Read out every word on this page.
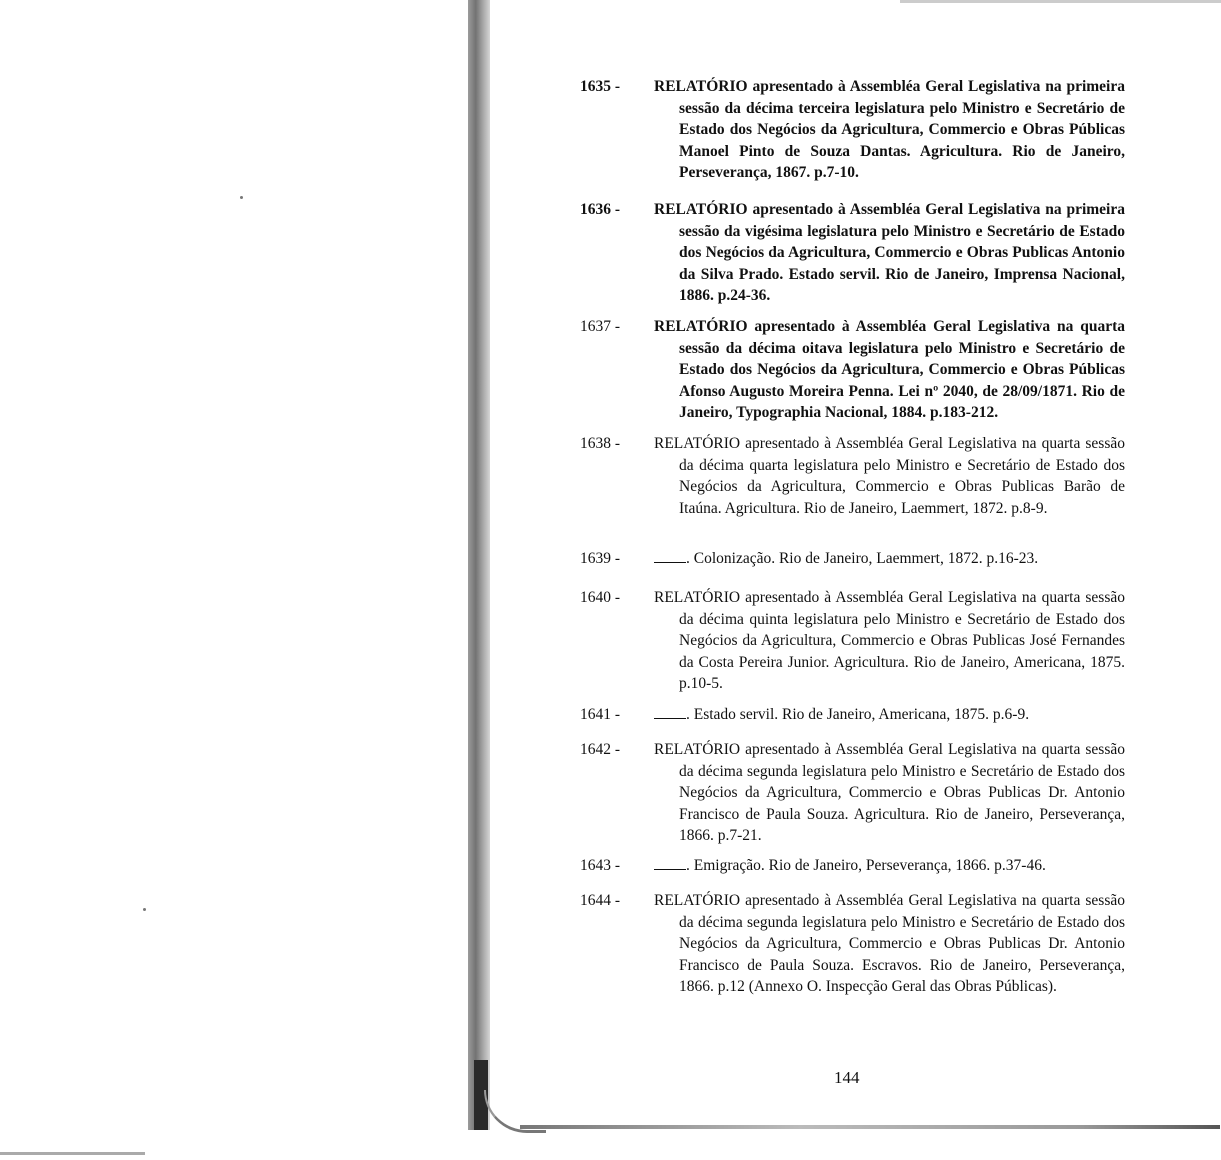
1635 - RELATÓRIO apresentado à Assembléa Geral Legislativa na primeira sessão da décima terceira legislatura pelo Ministro e Secretário de Estado dos Negócios da Agricultura, Commercio e Obras Públicas Manoel Pinto de Souza Dantas. Agricultura. Rio de Janeiro, Perseverança, 1867. p.7-10.
1636 - RELATÓRIO apresentado à Assembléa Geral Legislativa na primeira sessão da vigésima legislatura pelo Ministro e Secretário de Estado dos Negócios da Agricultura, Commercio e Obras Publicas Antonio da Silva Prado. Estado servil. Rio de Janeiro, Imprensa Nacional, 1886. p.24-36.
1637 - RELATÓRIO apresentado à Assembléa Geral Legislativa na quarta sessão da décima oitava legislatura pelo Ministro e Secretário de Estado dos Negócios da Agricultura, Commercio e Obras Públicas Afonso Augusto Moreira Penna. Lei nº 2040, de 28/09/1871. Rio de Janeiro, Typographia Nacional, 1884. p.183-212.
1638 - RELATÓRIO apresentado à Assembléa Geral Legislativa na quarta sessão da décima quarta legislatura pelo Ministro e Secretário de Estado dos Negócios da Agricultura, Commercio e Obras Publicas Barão de Itaúna. Agricultura. Rio de Janeiro, Laemmert, 1872. p.8-9.
1639 -	. Colonização. Rio de Janeiro, Laemmert, 1872. p.16-23.
1640 - RELATÓRIO apresentado à Assembléa Geral Legislativa na quarta sessão da décima quinta legislatura pelo Ministro e Secretário de Estado dos Negócios da Agricultura, Commercio e Obras Publicas José Fernandes da Costa Pereira Junior. Agricultura. Rio de Janeiro, Americana, 1875. p.10-5.
1641 -	. Estado servil. Rio de Janeiro, Americana, 1875. p.6-9.
1642 - RELATÓRIO apresentado à Assembléa Geral Legislativa na quarta sessão da décima segunda legislatura pelo Ministro e Secretário de Estado dos Negócios da Agricultura, Commercio e Obras Publicas Dr. Antonio Francisco de Paula Souza. Agricultura. Rio de Janeiro, Perseverança, 1866. p.7-21.
1643 -	. Emigração. Rio de Janeiro, Perseverança, 1866. p.37-46.
1644 - RELATÓRIO apresentado à Assembléa Geral Legislativa na quarta sessão da décima segunda legislatura pelo Ministro e Secretário de Estado dos Negócios da Agricultura, Commercio e Obras Publicas Dr. Antonio Francisco de Paula Souza. Escravos. Rio de Janeiro, Perseverança, 1866. p.12 (Annexo O. Inspecção Geral das Obras Públicas).
144
